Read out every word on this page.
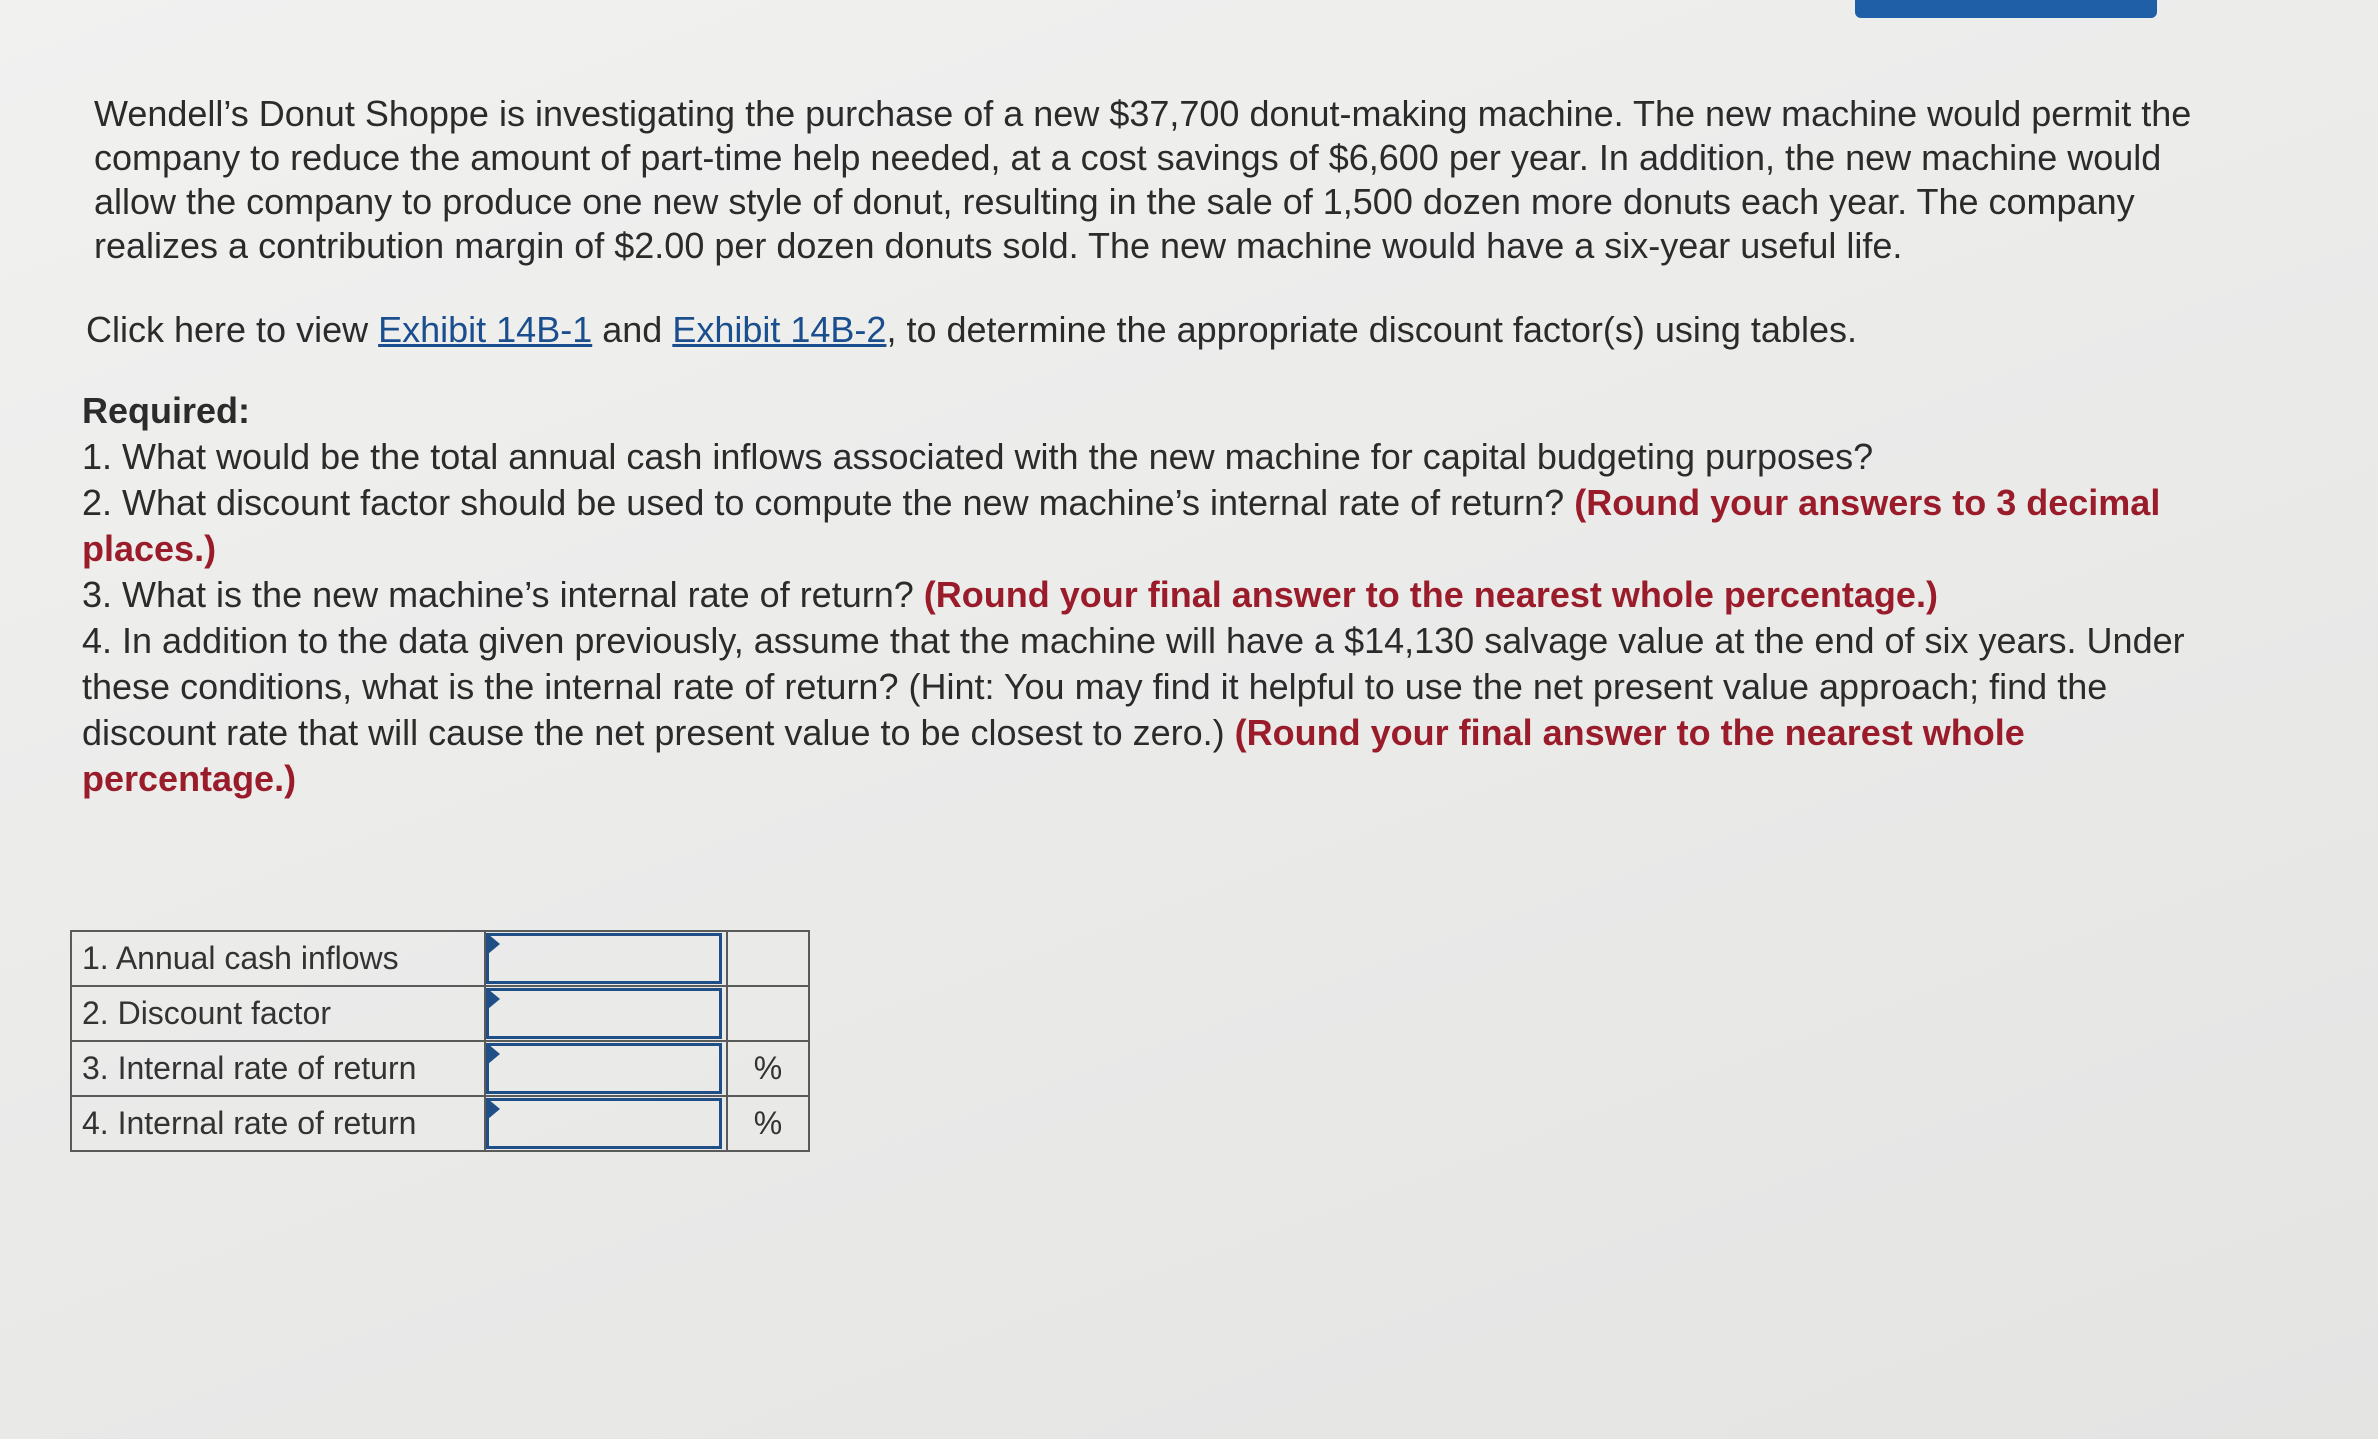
Wendell’s Donut Shoppe is investigating the purchase of a new $37,700 donut-making machine. The new machine would permit the company to reduce the amount of part-time help needed, at a cost savings of $6,600 per year. In addition, the new machine would allow the company to produce one new style of donut, resulting in the sale of 1,500 dozen more donuts each year. The company realizes a contribution margin of $2.00 per dozen donuts sold. The new machine would have a six-year useful life.

Click here to view Exhibit 14B-1 and Exhibit 14B-2, to determine the appropriate discount factor(s) using tables.

Required:
1. What would be the total annual cash inflows associated with the new machine for capital budgeting purposes?
2. What discount factor should be used to compute the new machine’s internal rate of return? (Round your answers to 3 decimal places.)
3. What is the new machine’s internal rate of return? (Round your final answer to the nearest whole percentage.)
4. In addition to the data given previously, assume that the machine will have a $14,130 salvage value at the end of six years. Under these conditions, what is the internal rate of return? (Hint: You may find it helpful to use the net present value approach; find the discount rate that will cause the net present value to be closest to zero.) (Round your final answer to the nearest whole percentage.)
1. Annual cash inflows	

2. Discount factor	

3. Internal rate of return		%
4. Internal rate of return		%
